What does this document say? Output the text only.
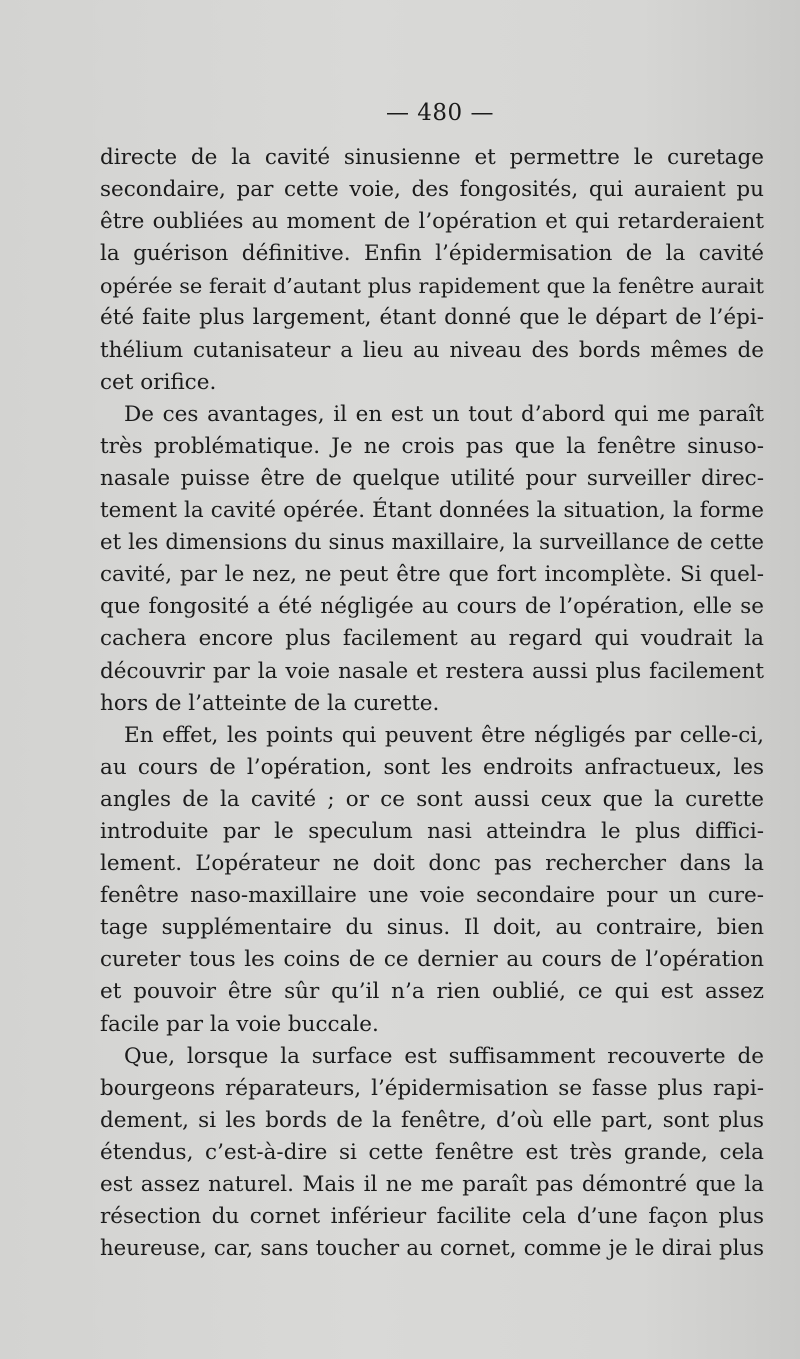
— 480 —
directe de la cavité sinusienne et permettre le curetage
secondaire, par cette voie, des fongosités, qui auraient pu
être oubliées au moment de l’opération et qui retarderaient
la guérison définitive. Enfin l’épidermisation de la cavité
opérée se ferait d’autant plus rapidement que la fenêtre aurait
été faite plus largement, étant donné que le départ de l’épi-
thélium cutanisateur a lieu au niveau des bords mêmes de
cet orifice.
De ces avantages, il en est un tout d’abord qui me paraît
très problématique. Je ne crois pas que la fenêtre sinuso-
nasale puisse être de quelque utilité pour surveiller direc-
tement la cavité opérée. Étant données la situation, la forme
et les dimensions du sinus maxillaire, la surveillance de cette
cavité, par le nez, ne peut être que fort incomplète. Si quel-
que fongosité a été négligée au cours de l’opération, elle se
cachera encore plus facilement au regard qui voudrait la
découvrir par la voie nasale et restera aussi plus facilement
hors de l’atteinte de la curette.
En effet, les points qui peuvent être négligés par celle-ci,
au cours de l’opération, sont les endroits anfractueux, les
angles de la cavité ; or ce sont aussi ceux que la curette
introduite par le speculum nasi atteindra le plus diffici-
lement. L’opérateur ne doit donc pas rechercher dans la
fenêtre naso-maxillaire une voie secondaire pour un cure-
tage supplémentaire du sinus. Il doit, au contraire, bien
cureter tous les coins de ce dernier au cours de l’opération
et pouvoir être sûr qu’il n’a rien oublié, ce qui est assez
facile par la voie buccale.
Que, lorsque la surface est suffisamment recouverte de
bourgeons réparateurs, l’épidermisation se fasse plus rapi-
dement, si les bords de la fenêtre, d’où elle part, sont plus
étendus, c’est-à-dire si cette fenêtre est très grande, cela
est assez naturel. Mais il ne me paraît pas démontré que la
résection du cornet inférieur facilite cela d’une façon plus
heureuse, car, sans toucher au cornet, comme je le dirai plus
